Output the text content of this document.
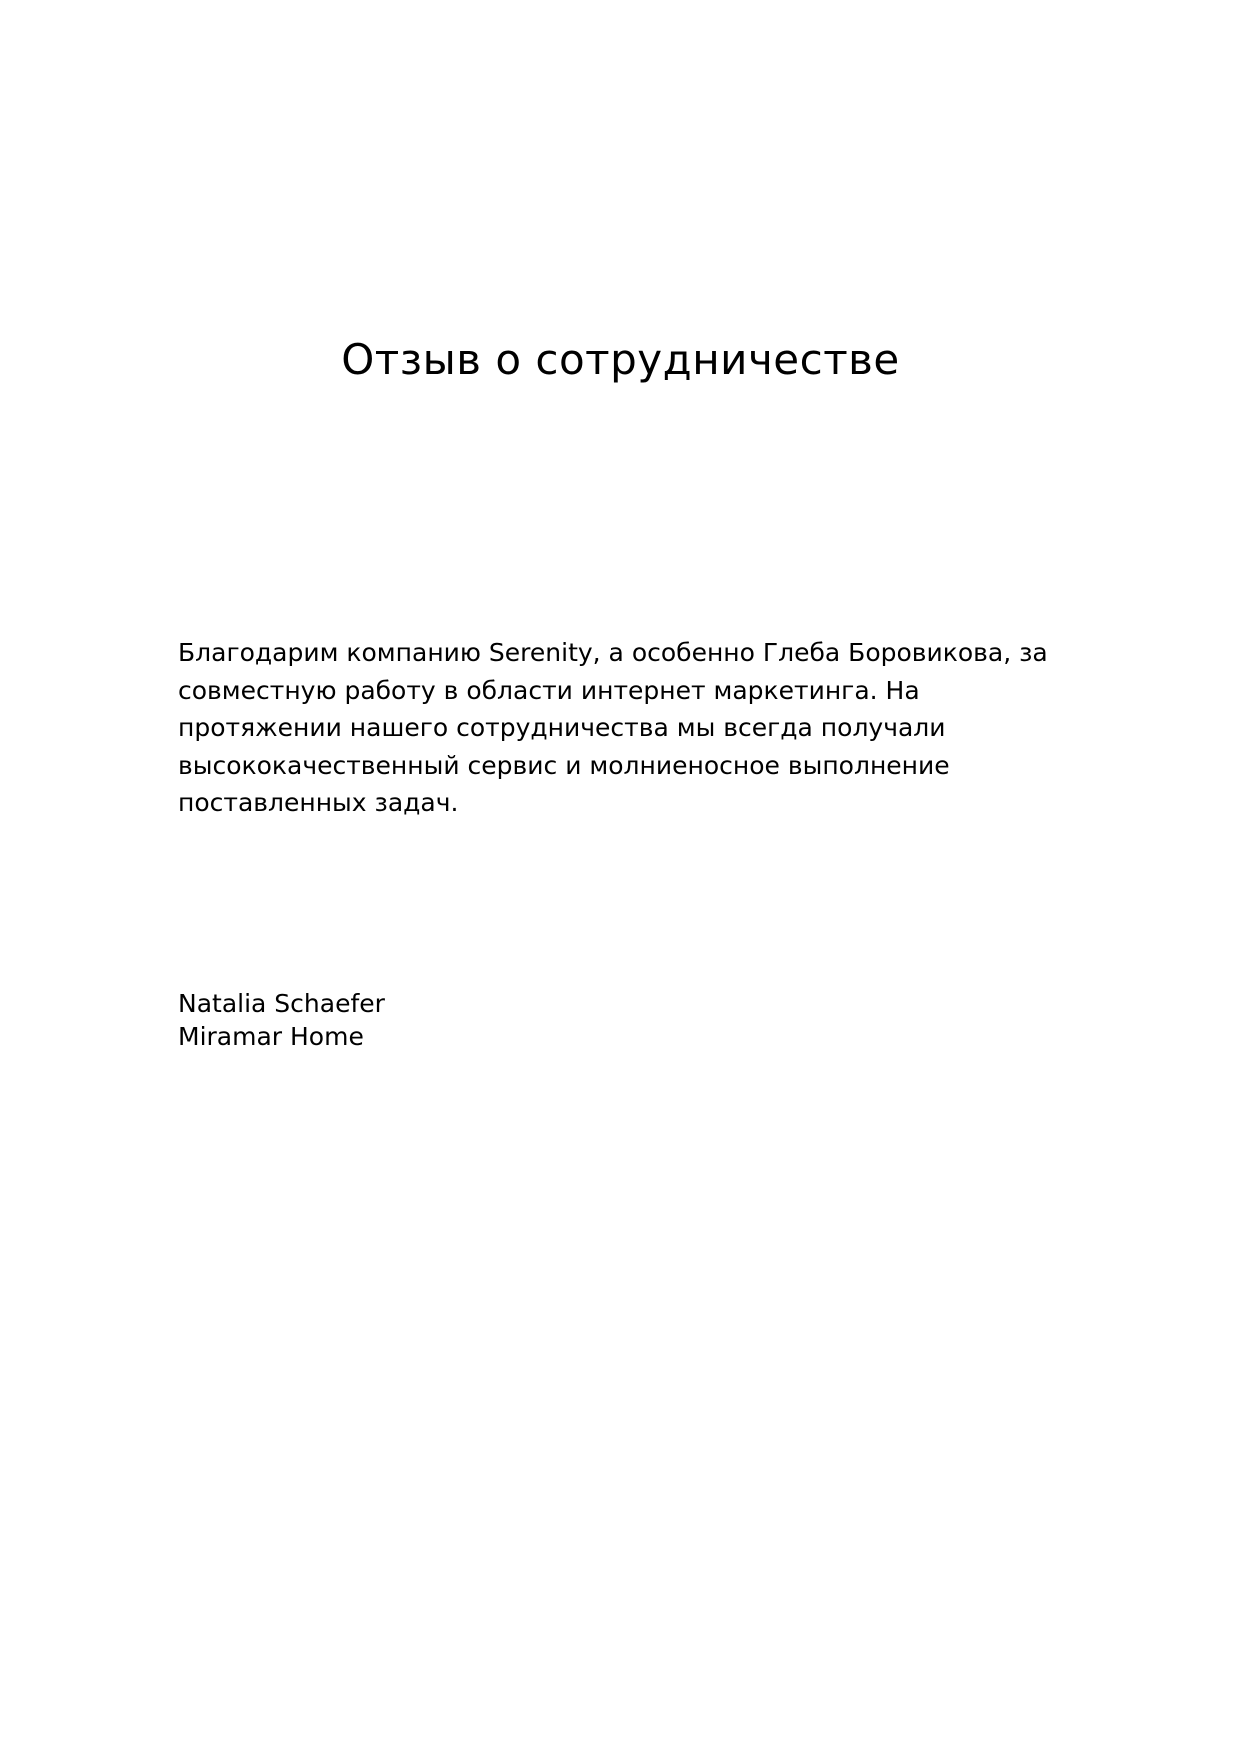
Отзыв о сотрудничестве

Благодарим компанию Serenity, а особенно Глеба Боровикова, за
совместную работу в области интернет маркетинга. На
протяжении нашего сотрудничества мы всегда получали
высококачественный сервис и молниеносное выполнение
поставленных задач.

Natalia Schaefer
Miramar Home
